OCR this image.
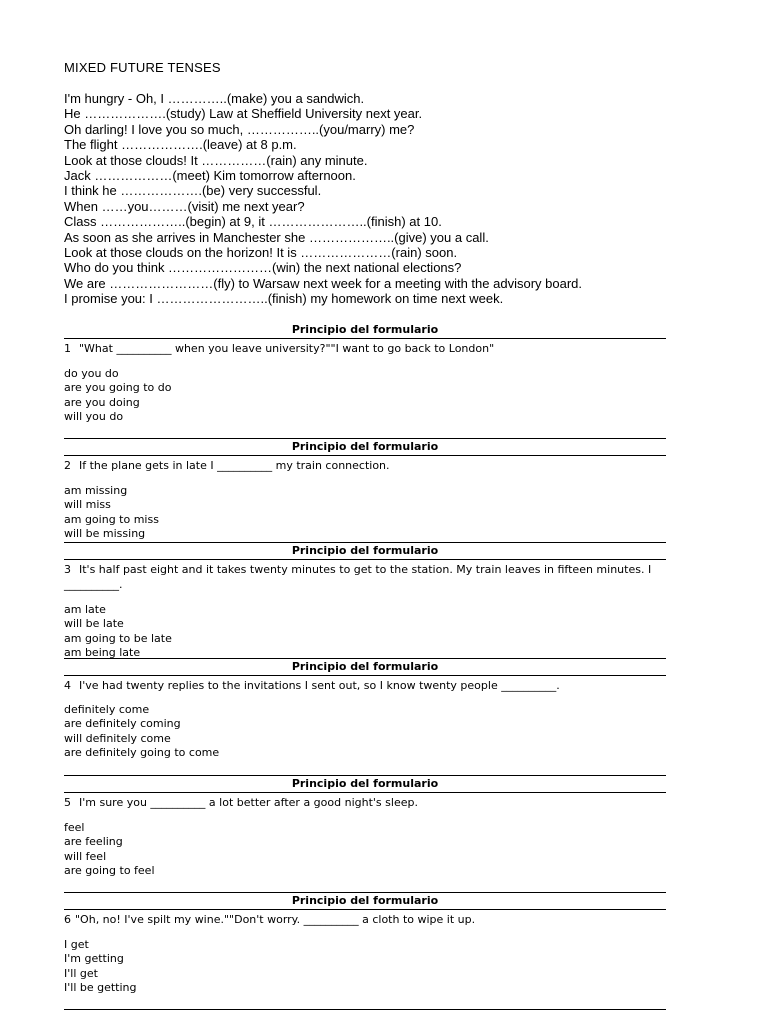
MIXED FUTURE TENSES
I'm hungry - Oh, I …………..(make) you a sandwich.
He ……………….(study) Law at Sheffield University next year.
Oh darling! I love you so much, ……………..(you/marry) me?
The flight ……………….(leave) at 8 p.m.
Look at those clouds! It ……………(rain) any minute.
Jack ………………(meet) Kim tomorrow afternoon.
I think he ……………….(be) very successful.
When ……you………(visit) me next year?
Class ………………..(begin) at 9, it …………………..(finish) at 10.
As soon as she arrives in Manchester she ………………..(give) you a call.
Look at those clouds on the horizon! It is …………………(rain) soon.
Who do you think ……………………(win) the next national elections?
We are ……………………(fly) to Warsaw next week for a meeting with the advisory board.
I promise you: I ……………………..(finish) my homework on time next week.
Principio del formulario
1 "What __________ when you leave university?""I want to go back to London"
do you do
are you going to do
are you doing
will you do
Principio del formulario
2 If the plane gets in late I __________ my train connection.
am missing
will miss
am going to miss
will be missing
Principio del formulario
3 It's half past eight and it takes twenty minutes to get to the station. My train leaves in fifteen minutes. I __________.
am late
will be late
am going to be late
am being late
Principio del formulario
4 I've had twenty replies to the invitations I sent out, so I know twenty people __________.
definitely come
are definitely coming
will definitely come
are definitely going to come
Principio del formulario
5 I'm sure you __________ a lot better after a good night's sleep.
feel
are feeling
will feel
are going to feel
Principio del formulario
6 "Oh, no! I've spilt my wine.""Don't worry. __________ a cloth to wipe it up.
I get
I'm getting
I'll get
I'll be getting
